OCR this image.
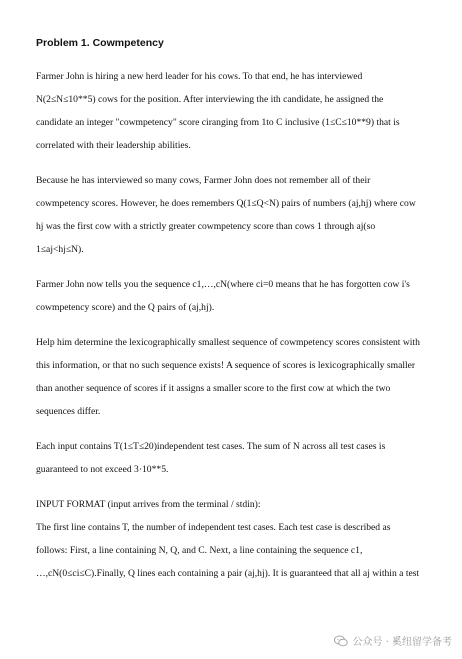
Problem 1. Cowmpetency
Farmer John is hiring a new herd leader for his cows. To that end, he has interviewed
N(2≤N≤10**5) cows for the position. After interviewing the ith candidate, he assigned the
candidate an integer "cowmpetency" score ciranging from 1to C inclusive (1≤C≤10**9) that is
correlated with their leadership abilities.
Because he has interviewed so many cows, Farmer John does not remember all of their
cowmpetency scores. However, he does remembers Q(1≤Q<N) pairs of numbers (aj,hj) where cow
hj was the first cow with a strictly greater cowmpetency score than cows 1 through aj(so
1≤aj<hj≤N).
Farmer John now tells you the sequence c1,…,cN(where ci=0 means that he has forgotten cow i's
cowmpetency score) and the Q pairs of (aj,hj).
Help him determine the lexicographically smallest sequence of cowmpetency scores consistent with
this information, or that no such sequence exists! A sequence of scores is lexicographically smaller
than another sequence of scores if it assigns a smaller score to the first cow at which the two
sequences differ.
Each input contains T(1≤T≤20)independent test cases. The sum of N across all test cases is
guaranteed to not exceed 3·10**5.
INPUT FORMAT (input arrives from the terminal / stdin):
The first line contains T, the number of independent test cases. Each test case is described as
follows: First, a line containing N, Q, and C. Next, a line containing the sequence c1,
…,cN(0≤ci≤C).Finally, Q lines each containing a pair (aj,hj). It is guaranteed that all aj within a test
公众号 · 奚纽留学备考
